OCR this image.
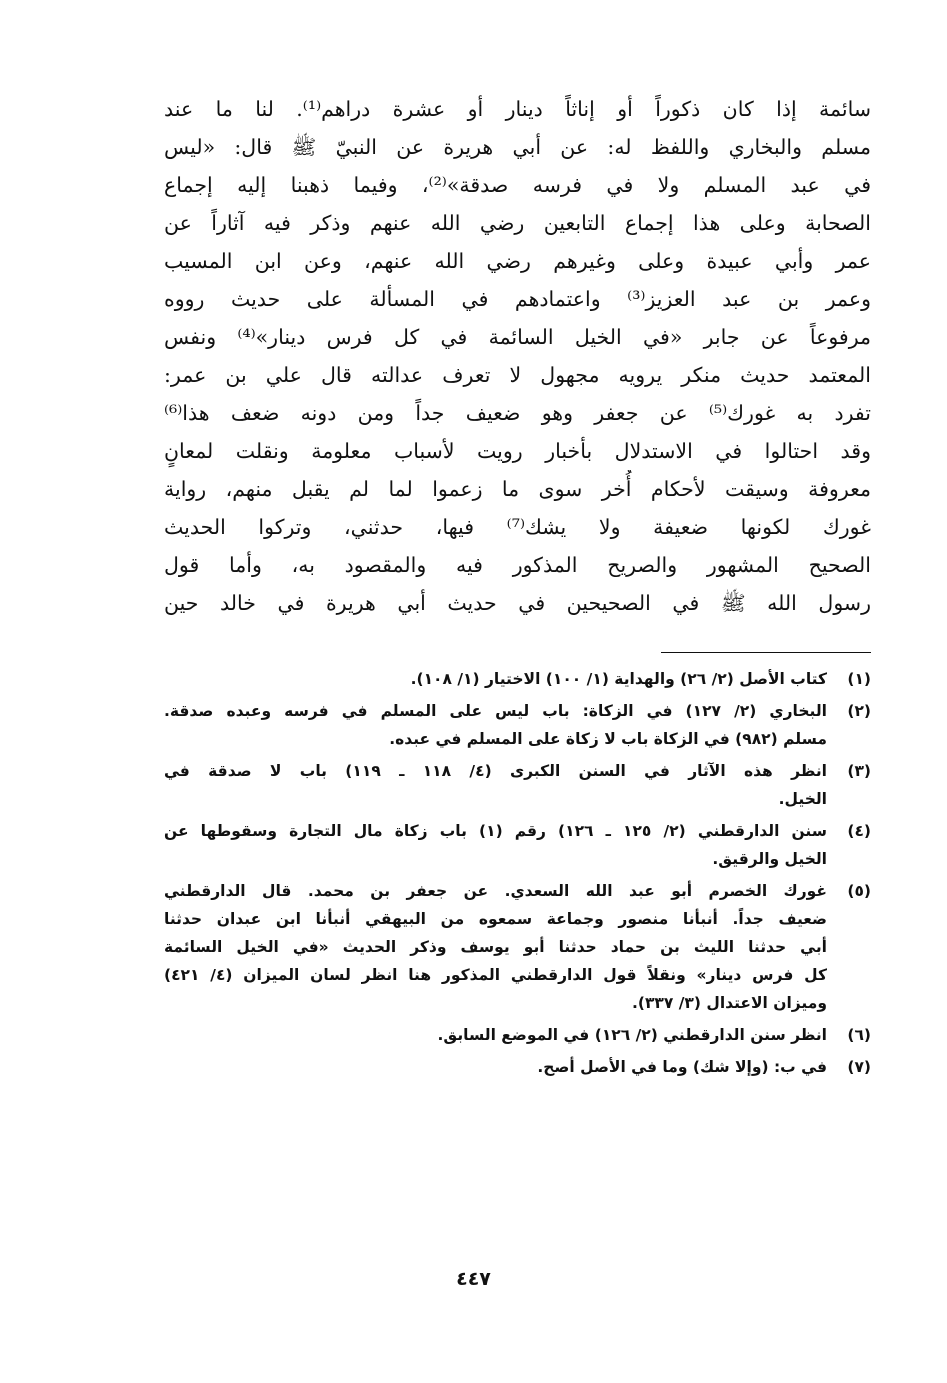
سائمة إذا كان ذكوراً أو إناثاً دينار أو عشرة دراهم⁽¹⁾. لنا ما عند
مسلم والبخاري واللفظ له: عن أبي هريرة عن النبيّ ﷺ قال: «ليس
في عبد المسلم ولا في فرسه صدقة»⁽²⁾، وفيما ذهبنا إليه إجماع
الصحابة وعلى هذا إجماع التابعين رضي الله عنهم وذكر فيه آثاراً عن
عمر وأبي عبيدة وعلى وغيرهم رضي الله عنهم، وعن ابن المسيب
وعمر بن عبد العزيز⁽³⁾ واعتمادهم في المسألة على حديث رووه
مرفوعاً عن جابر «في الخيل السائمة في كل فرس دينار»⁽⁴⁾ ونفس
المعتمد حديث منكر يرويه مجهول لا تعرف عدالته قال علي بن عمر:
تفرد به غورك⁽⁵⁾ عن جعفر وهو ضعيف جداً ومن دونه ضعف هذا⁽⁶⁾
وقد احتالوا في الاستدلال بأخبار رويت لأسباب معلومة ونقلت لمعانٍ
معروفة وسيقت لأحكام أُخر سوى ما زعموا لما لم يقبل منهم، رواية
غورك لكونها ضعيفة ولا يشك⁽⁷⁾ فيها، حدثني، وتركوا الحديث
الصحيح المشهور والصريح المذكور فيه والمقصود به، وأما قول
رسول الله ﷺ في الصحيحين في حديث أبي هريرة في خالد حين
(١)
كتاب الأصل (٢/ ٢٦) والهداية (١/ ١٠٠) الاختيار (١/ ١٠٨).
(٢)
البخاري (٢/ ١٢٧) في الزكاة: باب ليس على المسلم في فرسه وعبده صدقة.
مسلم (٩٨٢) في الزكاة باب لا زكاة على المسلم في عبده.
(٣)
انظر هذه الآثار في السنن الكبرى (٤/ ١١٨ ـ ١١٩) باب لا صدقة في
الخيل.
(٤)
سنن الدارقطني (٢/ ١٢٥ ـ ١٢٦) رقم (١) باب زكاة مال التجارة وسقوطها عن
الخيل والرقيق.
(٥)
غورك الخصرم أبو عبد الله السعدي. عن جعفر بن محمد. قال الدارقطني
ضعيف جداً. أنبأنا منصور وجماعة سمعوه من البيهقي أنبأنا ابن عبدان حدثنا
أبي حدثنا الليث بن حماد حدثنا أبو يوسف وذكر الحديث «في الخيل السائمة
كل فرس دينار» ونقلاً قول الدارقطني المذكور هنا انظر لسان الميزان (٤/ ٤٢١)
وميزان الاعتدال (٣/ ٣٣٧).
(٦)
انظر سنن الدارقطني (٢/ ١٢٦) في الموضع السابق.
(٧)
في ب: (وإلا شك) وما في الأصل أصح.
٤٤٧
